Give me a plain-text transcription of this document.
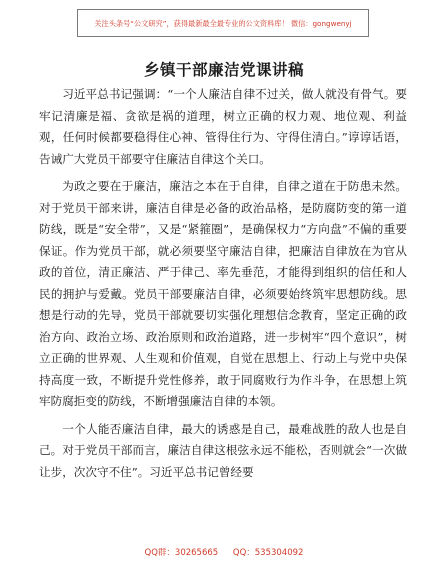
关注头条号“公文研究”，获得最新最全最专业的公文资料库！ 微信：gongwenyj
乡镇干部廉洁党课讲稿

习近平总书记强调：“一个人廉洁自律不过关，做人就没有骨气。要牢记清廉是福、贪欲是祸的道理，树立正确的权力观、地位观、利益观，任何时候都要稳得住心神、管得住行为、守得住清白。”谆谆话语，告诫广大党员干部要守住廉洁自律这个关口。

为政之要在于廉洁，廉洁之本在于自律，自律之道在于防患未然。对于党员干部来讲，廉洁自律是必备的政治品格，是防腐防变的第一道防线，既是“安全带”，又是“紧箍圈”，是确保权力“方向盘”不偏的重要保证。作为党员干部，就必须要坚守廉洁自律，把廉洁自律放在为官从政的首位，清正廉洁、严于律己、率先垂范，才能得到组织的信任和人民的拥护与爱戴。党员干部要廉洁自律，必须要始终筑牢思想防线。思想是行动的先导，党员干部就要切实强化理想信念教育，坚定正确的政治方向、政治立场、政治原则和政治道路，进一步树牢“四个意识”，树立正确的世界观、人生观和价值观，自觉在思想上、行动上与党中央保持高度一致，不断提升党性修养，敢于同腐败行为作斗争，在思想上筑牢防腐拒变的防线，不断增强廉洁自律的本领。

一个人能否廉洁自律，最大的诱惑是自己，最难战胜的敌人也是自己。对于党员干部而言，廉洁自律这根弦永远不能松，否则就会“一次做让步，次次守不住”。习近平总书记曾经要

QQ群：30265665 QQ：535304092
